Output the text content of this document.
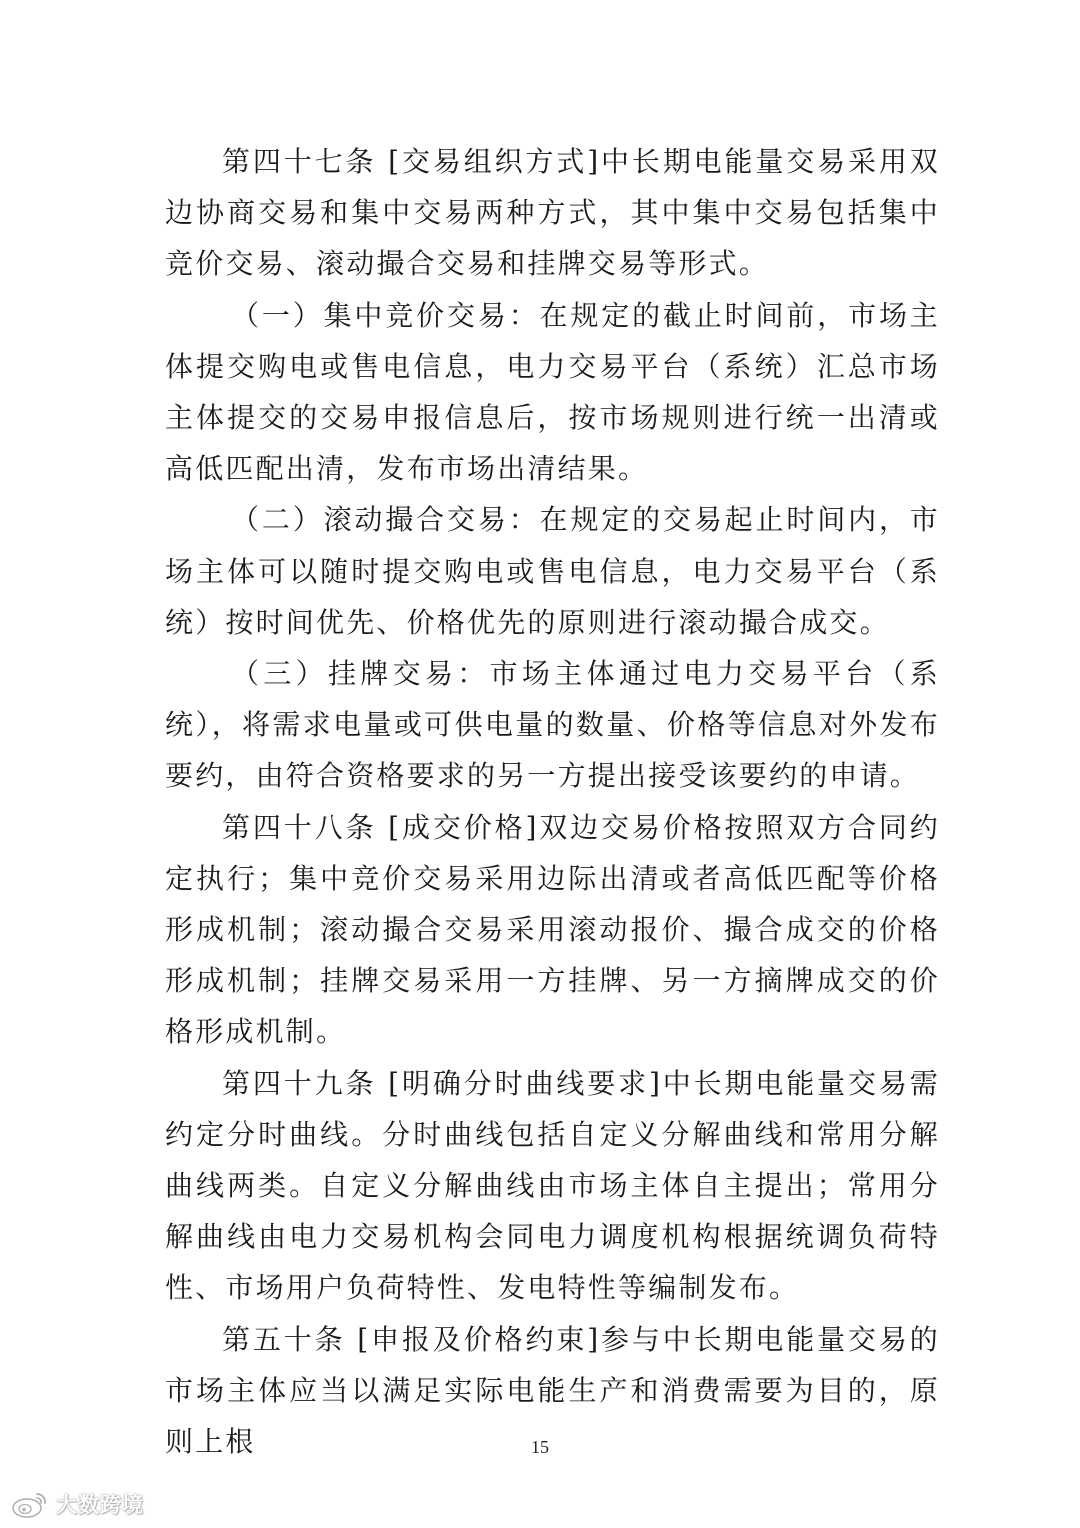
第四十七条 [交易组织方式]中长期电能量交易采用双边协商交易和集中交易两种方式，其中集中交易包括集中竞价交易、滚动撮合交易和挂牌交易等形式。

（一）集中竞价交易：在规定的截止时间前，市场主体提交购电或售电信息，电力交易平台（系统）汇总市场主体提交的交易申报信息后，按市场规则进行统一出清或高低匹配出清，发布市场出清结果。

（二）滚动撮合交易：在规定的交易起止时间内，市场主体可以随时提交购电或售电信息，电力交易平台（系统）按时间优先、价格优先的原则进行滚动撮合成交。

（三）挂牌交易：市场主体通过电力交易平台（系统），将需求电量或可供电量的数量、价格等信息对外发布要约，由符合资格要求的另一方提出接受该要约的申请。

第四十八条 [成交价格]双边交易价格按照双方合同约定执行；集中竞价交易采用边际出清或者高低匹配等价格形成机制；滚动撮合交易采用滚动报价、撮合成交的价格形成机制；挂牌交易采用一方挂牌、另一方摘牌成交的价格形成机制。

第四十九条 [明确分时曲线要求]中长期电能量交易需约定分时曲线。分时曲线包括自定义分解曲线和常用分解曲线两类。自定义分解曲线由市场主体自主提出；常用分解曲线由电力交易机构会同电力调度机构根据统调负荷特性、市场用户负荷特性、发电特性等编制发布。

第五十条 [申报及价格约束]参与中长期电能量交易的市场主体应当以满足实际电能生产和消费需要为目的，原则上根	15
大数跨境
